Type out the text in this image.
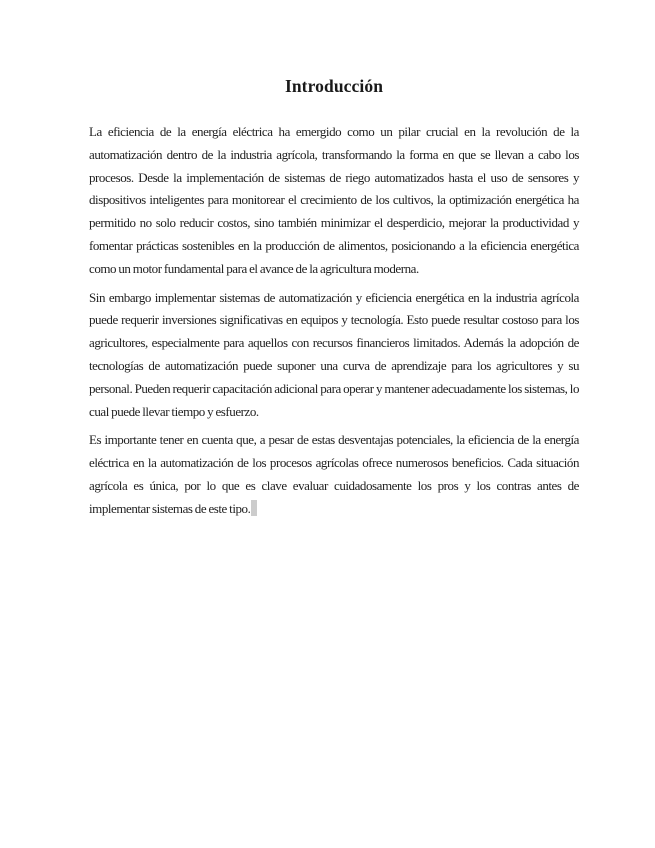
Introducción

La eficiencia de la energía eléctrica ha emergido como un pilar crucial en la revolución de la automatización dentro de la industria agrícola, transformando la forma en que se llevan a cabo los procesos. Desde la implementación de sistemas de riego automatizados hasta el uso de sensores y dispositivos inteligentes para monitorear el crecimiento de los cultivos, la optimización energética ha permitido no solo reducir costos, sino también minimizar el desperdicio, mejorar la productividad y fomentar prácticas sostenibles en la producción de alimentos, posicionando a la eficiencia energética como un motor fundamental para el avance de la agricultura moderna.

Sin embargo implementar sistemas de automatización y eficiencia energética en la industria agrícola puede requerir inversiones significativas en equipos y tecnología. Esto puede resultar costoso para los agricultores, especialmente para aquellos con recursos financieros limitados. Además la adopción de tecnologías de automatización puede suponer una curva de aprendizaje para los agricultores y su personal. Pueden requerir capacitación adicional para operar y mantener adecuadamente los sistemas, lo cual puede llevar tiempo y esfuerzo.

Es importante tener en cuenta que, a pesar de estas desventajas potenciales, la eficiencia de la energía eléctrica en la automatización de los procesos agrícolas ofrece numerosos beneficios. Cada situación agrícola es única, por lo que es clave evaluar cuidadosamente los pros y los contras antes de implementar sistemas de este tipo.
